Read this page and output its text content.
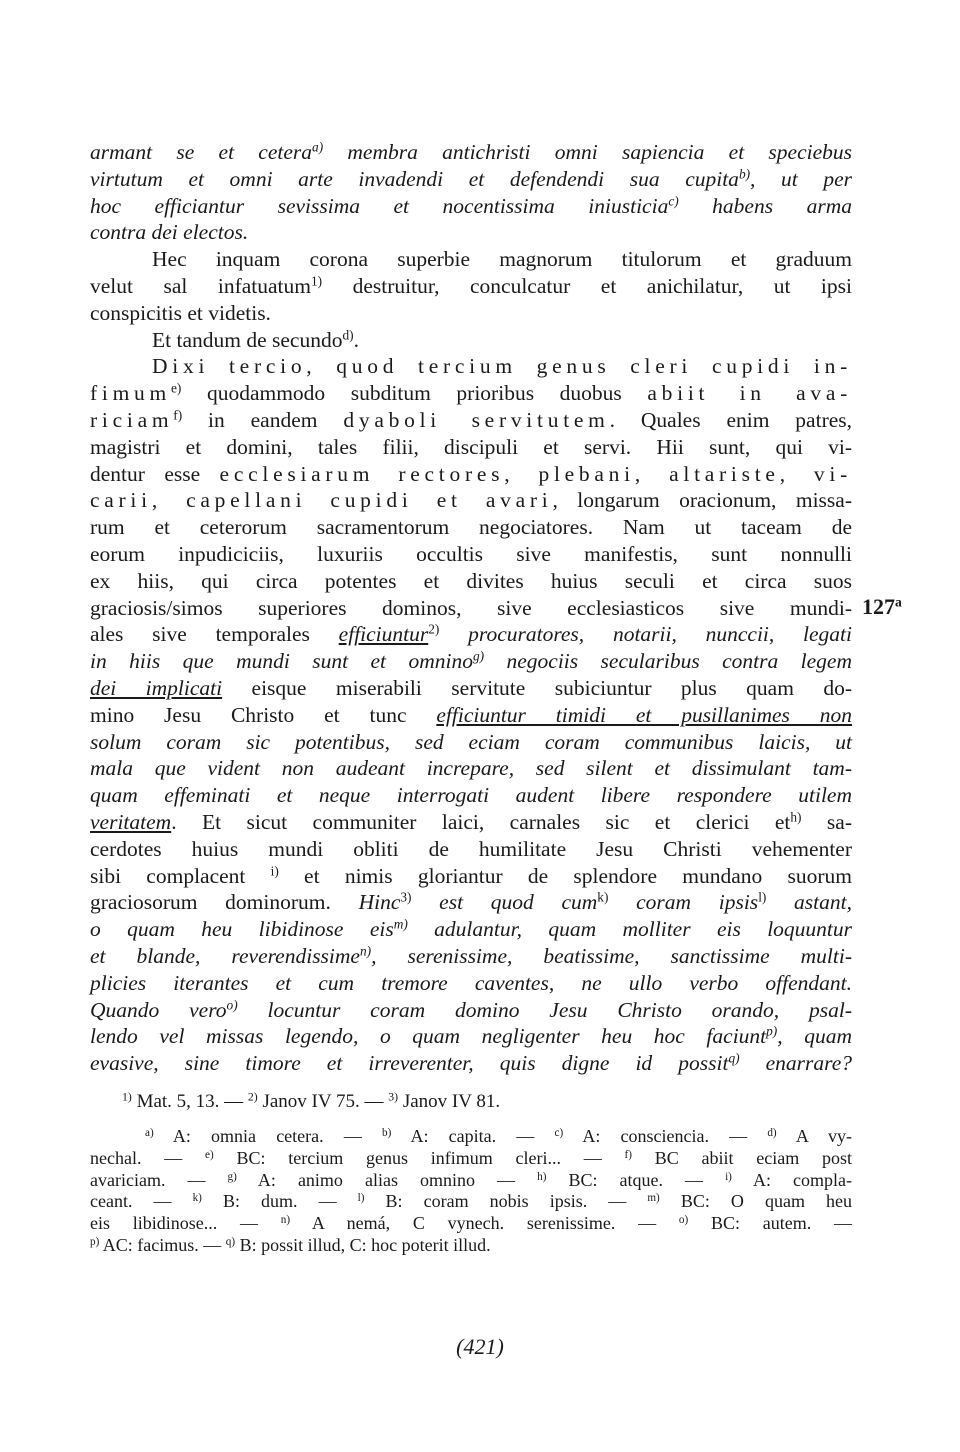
armant se et cetera$^{a)}$ membra antichristi omni sapiencia et speciebus
virtutum et omni arte invadendi et defendendi sua cupita$^{b)}$, ut per
hoc efficiantur sevissima et nocentissima iniusticia$^{c)}$ habens arma
contra dei electos.
Hec inquam corona superbie magnorum titulorum et graduum
velut sal infatuatum$^{1)}$ destruitur, conculcatur et anichilatur, ut ipsi
conspicitis et videtis.
Et tandum de secundo$^{d)}$.
Dixi tercio, quod tercium genus cleri cupidi in-
fimum$^{e)}$ quodammodo subditum prioribus duobus abiit in ava-
riciam$^{f)}$ in eandem dyaboli servitutem. Quales enim patres,
magistri et domini, tales filii, discipuli et servi. Hii sunt, qui vi-
dentur esse ecclesiarum rectores, plebani, altariste, vi-
carii, capellani cupidi et avari, longarum oracionum, missa-
rum et ceterorum sacramentorum negociatores. Nam ut taceam de
eorum inpudiciciis, luxuriis occultis sive manifestis, sunt nonnulli
ex hiis, qui circa potentes et divites huius seculi et circa suos
graciosis/simos superiores dominos, sive ecclesiasticos sive mundi-
ales sive temporales efficiuntur$^{2)}$ procuratores, notarii, nunccii, legati
in hiis que mundi sunt et omnino$^{g)}$ negociis secularibus contra legem
dei implicati eisque miserabili servitute subiciuntur plus quam do-
mino Jesu Christo et tunc efficiuntur timidi et pusillanimes non
solum coram sic potentibus, sed eciam coram communibus laicis, ut
mala que vident non audeant increpare, sed silent et dissimulant tam-
quam effeminati et neque interrogati audent libere respondere utilem
veritatem. Et sicut communiter laici, carnales sic et clerici $et^{h)}$ sa-
cerdotes huius mundi obliti de humilitate Jesu Christi vehementer
sibi complacent $^{i)}$ et nimis gloriantur de splendore mundano suorum
graciosorum dominorum. Hinc$^{3)}$ est quod cum$^{k)}$ coram ipsis$^{l)}$ astant,
o quam heu libidinose eis$^{m)}$ adulantur, quam molliter eis loquuntur
et blande, reverendissime$^{n)}$, serenissime, beatissime, sanctissime multi-
plicies iterantes et cum tremore caventes, ne ullo verbo offendant.
Quando vero$^{o)}$ locuntur coram domino Jesu Christo orando, psal-
lendo vel missas legendo, o quam negligenter heu hoc faciunt$^{p)}$, quam
evasive, sine timore et irreverenter, quis digne id possit$^{q)}$ enarrare?
127$^a$
$^{1)}$ Mat. 5, 13. — $^{2)}$ Janov IV 75. — $^{3)}$ Janov IV 81.
$^{a)}$ A: omnia cetera. — $^{b)}$ A: capita. — $^{c)}$ A: consciencia. — $^{d)}$ A vy-
nechal. — $^{e)}$ BC: tercium genus infimum cleri... — $^{f)}$ BC abiit eciam post
avariciam. — $^{g)}$ A: animo alias omnino — $^{h)}$ BC: atque. — $^{i)}$ A: compla-
ceant. — $^{k)}$ B: dum. — $^{l)}$ B: coram nobis ipsis. — $^{m)}$ BC: O quam heu
eis libidinose... — $^{n)}$ A nemá, C vynech. serenissime. — $^{o)}$ BC: autem. —
$^{p)}$ AC: facimus. — $^{q)}$ B: possit illud, C: hoc poterit illud.
(421)
